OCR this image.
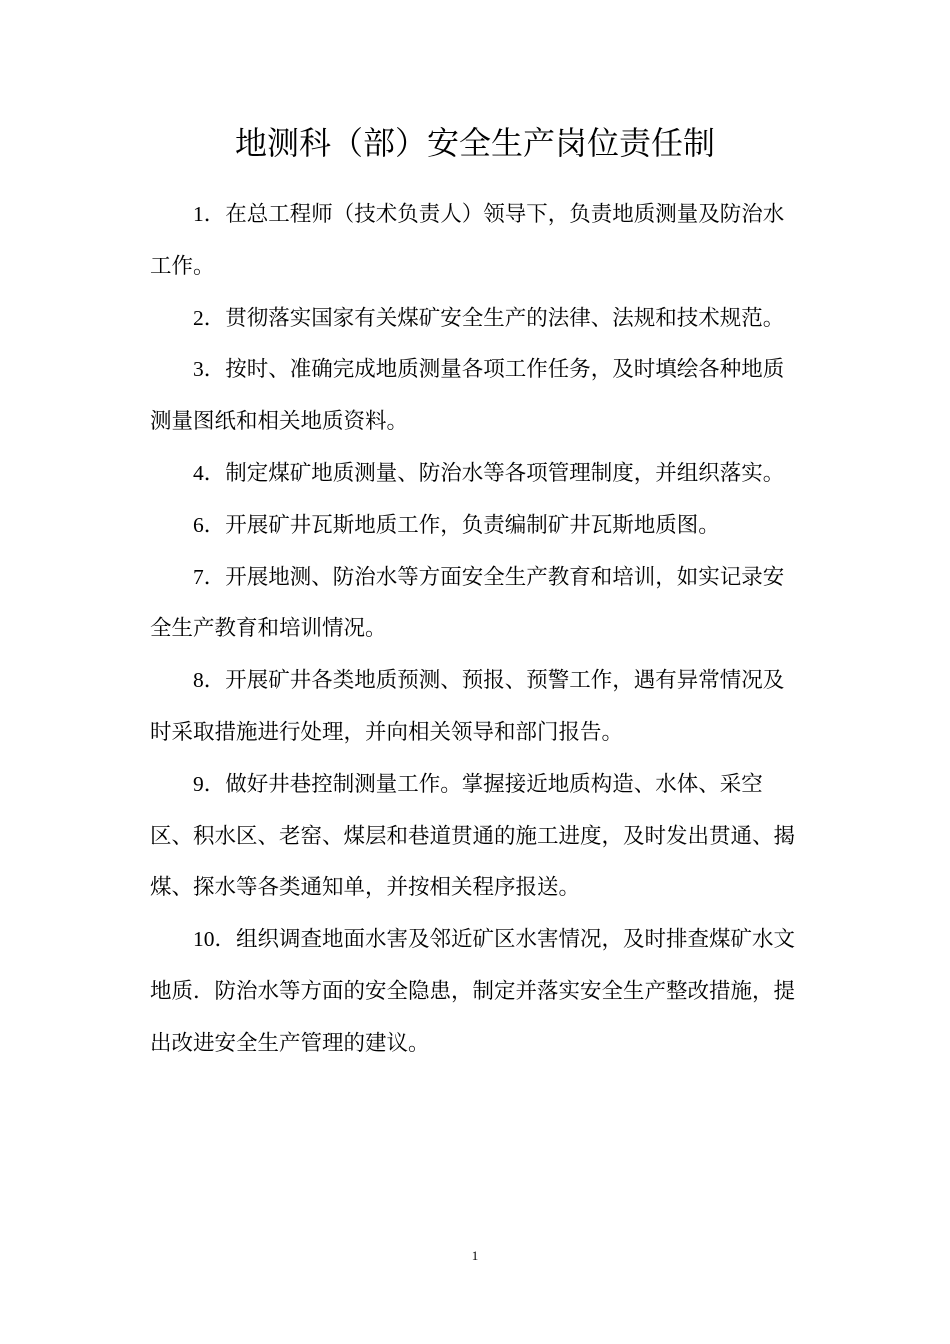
地测科（部）安全生产岗位责任制

1．在总工程师（技术负责人）领导下，负责地质测量及防治水工作。

2．贯彻落实国家有关煤矿安全生产的法律、法规和技术规范。

3．按时、准确完成地质测量各项工作任务，及时填绘各种地质测量图纸和相关地质资料。

4．制定煤矿地质测量、防治水等各项管理制度，并组织落实。

6．开展矿井瓦斯地质工作，负责编制矿井瓦斯地质图。

7．开展地测、防治水等方面安全生产教育和培训，如实记录安全生产教育和培训情况。

8．开展矿井各类地质预测、预报、预警工作，遇有异常情况及时采取措施进行处理，并向相关领导和部门报告。

9．做好井巷控制测量工作。掌握接近地质构造、水体、采空区、积水区、老窑、煤层和巷道贯通的施工进度，及时发出贯通、揭煤、探水等各类通知单，并按相关程序报送。

10．组织调查地面水害及邻近矿区水害情况，及时排查煤矿水文地质．防治水等方面的安全隐患，制定并落实安全生产整改措施，提出改进安全生产管理的建议。

1
